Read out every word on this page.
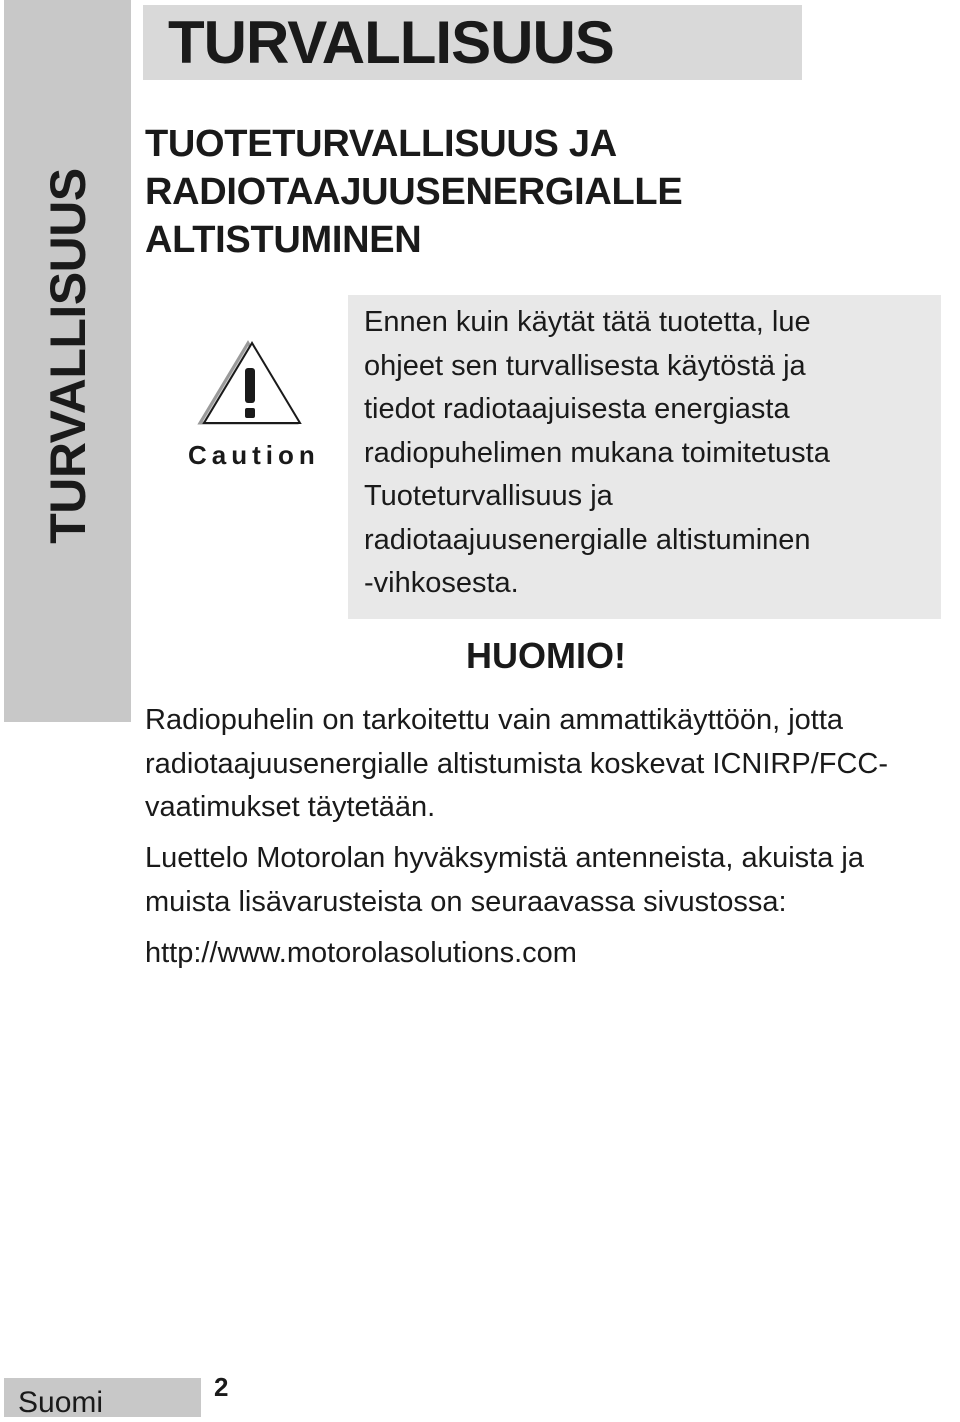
TURVALLISUUS
TURVALLISUUS
TUOTETURVALLISUUS JA
RADIOTAAJUUSENERGIALLE
ALTISTUMINEN
Caution
Ennen kuin käytät tätä tuotetta, lue
ohjeet sen turvallisesta käytöstä ja
tiedot radiotaajuisesta energiasta
radiopuhelimen mukana toimitetusta
Tuoteturvallisuus ja
radiotaajuusenergialle altistuminen
-vihkosesta.
HUOMIO!
Radiopuhelin on tarkoitettu vain ammattikäyttöön, jotta
radiotaajuusenergialle altistumista koskevat ICNIRP/FCC-
vaatimukset täytetään.
Luettelo Motorolan hyväksymistä antenneista, akuista ja
muista lisävarusteista on seuraavassa sivustossa:
http://www.motorolasolutions.com
Suomi	2
